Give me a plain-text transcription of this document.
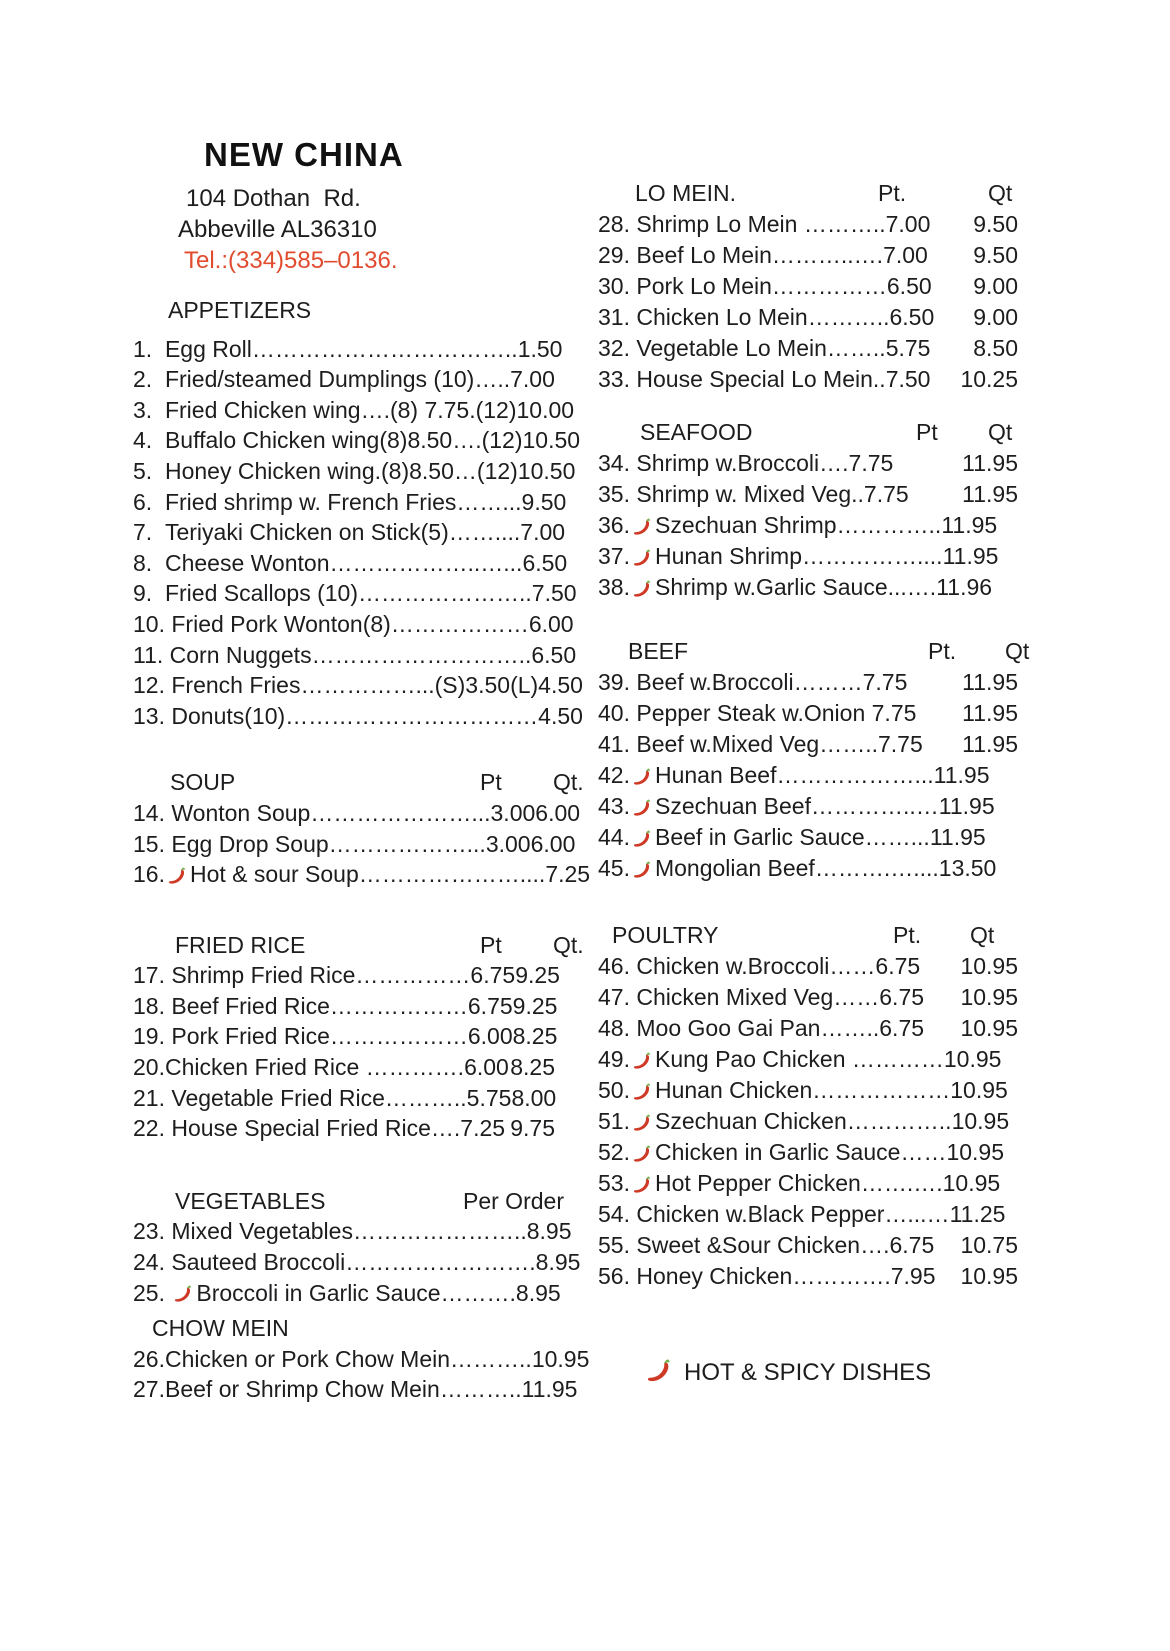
NEW CHINA
104 Dothan  Rd.
Abbeville AL36310
Tel.:(334)585–0136.
APPETIZERS
1. Egg Roll …………………………….. 1.50
2. Fried/steamed Dumplings (10) ….. 7.00
3. Fried Chicken wing …. (8) 7.75.(12)10.00
4. Buffalo Chicken wing(8)8.50 …. (12)10.50
5. Honey Chicken wing.(8)8.50 … (12)10.50
6. Fried shrimp w. French Fries ……... 9.50
7. Teriyaki Chicken on Stick(5) …….... 7.00
8. Cheese Wonton ………………..…... 6.50
9. Fried Scallops (10) ………………….. 7.50
10. Fried Pork Wonton(8) ……………… 6.00
11. Corn Nuggets ……………………….. 6.50
12. French Fries ……………... (S)3.50(L)4.50
13. Donuts(10) …………………………… 4.50
SOUP	Pt Qt.
14. Wonton Soup …………………... 3.00 6.00
15. Egg Drop Soup ………………... 3.00 6.00
16. Hot & sour Soup ………………….... 7.25
FRIED RICE	Pt Qt.
17. Shrimp Fried Rice …………… 6.75 9.25
18. Beef Fried Rice ……………… 6.75 9.25
19. Pork Fried Rice ……………… 6.00 8.25
20. Chicken Fried Rice …………. 6.00 8.25
21. Vegetable Fried Rice ……….. 5.75 8.00
22. House Special Fried Rice …. 7.25 9.75
VEGETABLES	Per Order
23. Mixed Vegetables ………………….. 8.95
24. Sauteed Broccoli ……………………. 8.95
25. Broccoli in Garlic Sauce ………. 8.95
CHOW MEIN
26. Chicken or Pork Chow Mein ……….. 10.95
27. Beef or Shrimp Chow Mein ……….. 11.95
LO MEIN.	Pt.	Qt
28. Shrimp Lo Mein ……….. 7.00 9.50
29. Beef Lo Mein ………..…. 7.00 9.50
30. Pork Lo Mein …………… 6.50 9.00
31. Chicken Lo Mein ……….. 6.50 9.00
32. Vegetable Lo Mein …….. 5.75 8.50
33. House Special Lo Mein .. 7.50 10.25
SEAFOOD	Pt Qt
34. Shrimp w.Broccoli …. 7.75	11.95
35. Shrimp w. Mixed Veg .. 7.75 11.95
36. Szechuan Shrimp ………….. 11.95
37. Hunan Shrimp …………….... 11.95
38. Shrimp w.Garlic Sauce ...…. 11.96
BEEF	Pt. Qt
39. Beef w.Broccoli ……… 7.75 11.95
40. Pepper Steak w.Onion
7.75 11.95
41. Beef w.Mixed Veg …….. 7.75 11.95
42. Hunan Beef ………………... 11.95
43. Szechuan Beef …………..… 11.95
44. Beef in Garlic Sauce ……... 11.95
45. Mongolian Beef ……….….... 13.50
POULTRY	Pt. Qt
46. Chicken w.Broccoli …… 6.75 10.95
47. Chicken Mixed Veg …… 6.75 10.95
48. Moo Goo Gai Pan …….. 6.75 10.95
49. Kung Pao Chicken ………… 10.95
50. Hunan Chicken ……………… 10.95
51. Szechuan Chicken ………….. 10.95
52. Chicken in Garlic Sauce …… 10.95
53. Hot Pepper Chicken …….…. 10.95
54. Chicken w.Black Pepper …...… 11.25
55. Sweet &Sour Chicken …. 6.75 10.75
56. Honey Chicken …………. 7.95 10.95
HOT & SPICY DISHES
